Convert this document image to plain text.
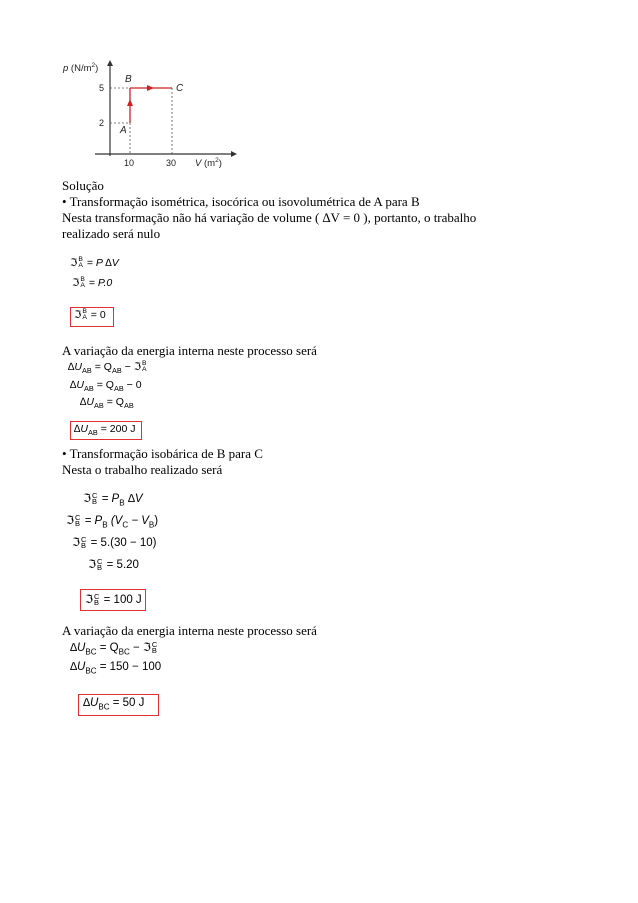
p $(N/m^2)$
V $(m^2)$
5
2
10	30
B
C
A
Solução
• Transformação isométrica, isocórica ou isovolumétrica de A para B
Nesta transformação não há variação de volume ( ∆V = 0 ), portanto, o trabalho
realizado será nulo
ℑ B
A = P ∆V
ℑ B
A = P.0
ℑ B
A = 0
A variação da energia interna neste processo será
$\Delta U_{AB} = Q_{AB}$ − ℑ B
A
$\Delta U_{AB} = Q_{AB} - 0$
$\Delta U_{AB} = Q_{AB}$
$\Delta U_{AB} = 200$ J
• Transformação isobárica de B para C
Nesta o trabalho realizado será
ℑ C
$B = P_B$ ∆V
ℑ C
$B = P_B$ $(V_C - V_B)$
ℑ C
B = 5.(30 − 10)
ℑ C
B = 5.20
ℑ C
B = 100 J
A variação da energia interna neste processo será
$\Delta U_{BC} = Q_{BC}$ − ℑ C
B
$\Delta U_{BC} = 150 - 100$
$\Delta U_{BC} = 50$ J
